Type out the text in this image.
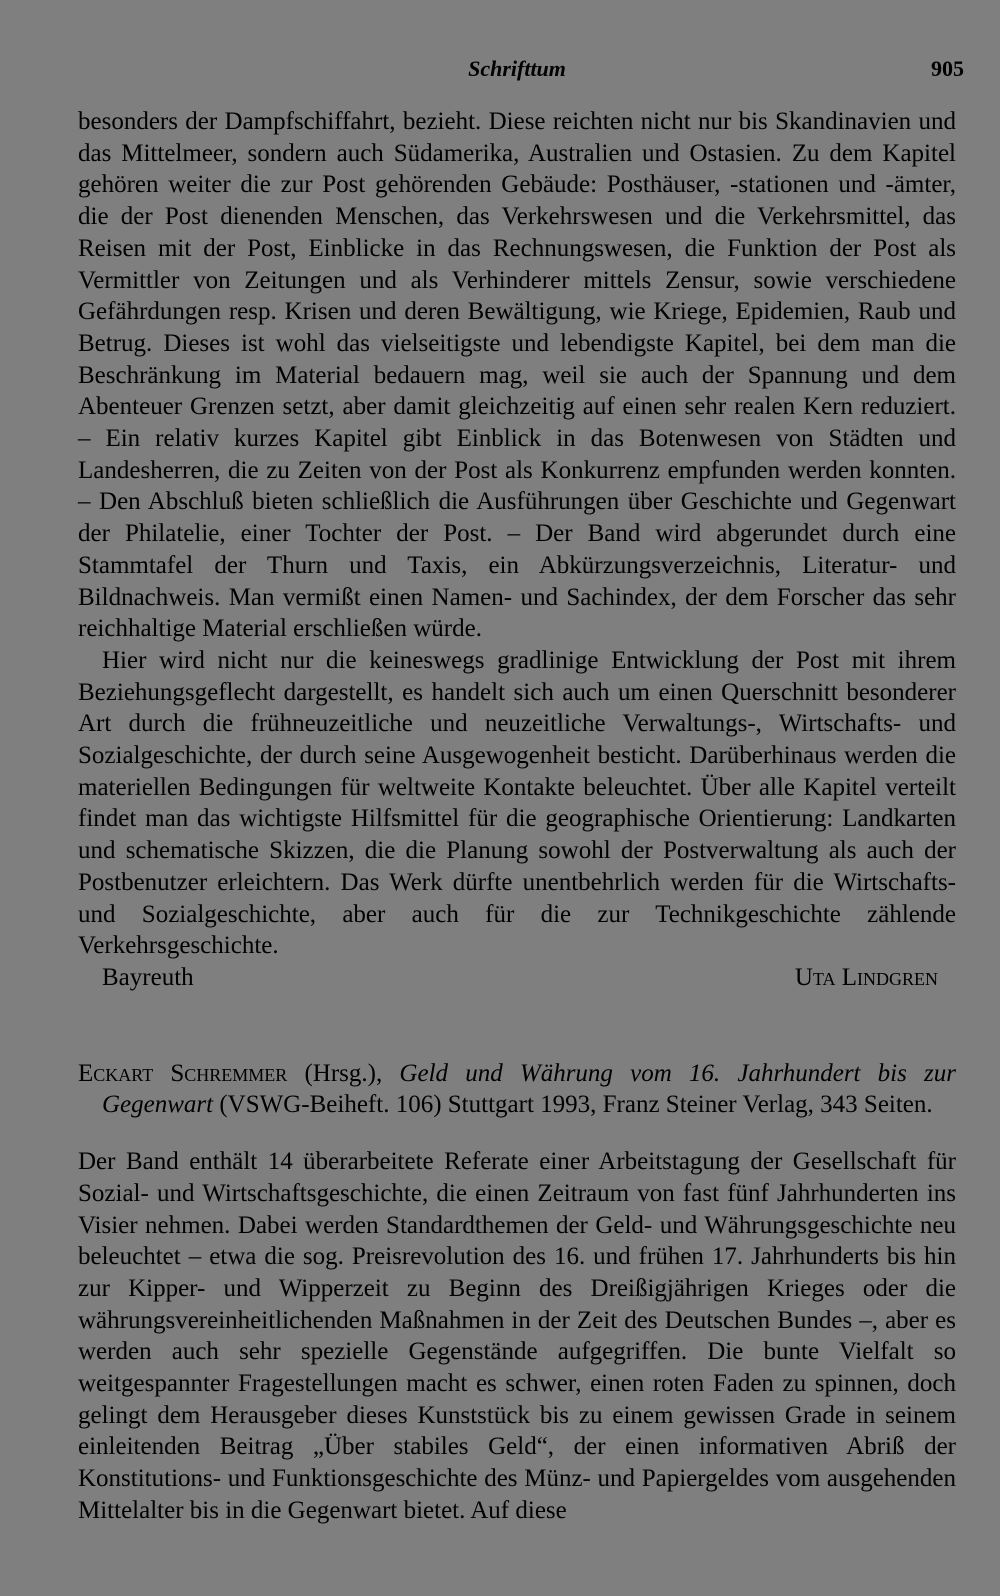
Schrifttum	905

besonders der Dampfschiffahrt, bezieht. Diese reichten nicht nur bis Skandinavien und das Mittelmeer, sondern auch Südamerika, Australien und Ostasien. Zu dem Kapitel gehören weiter die zur Post gehörenden Gebäude: Posthäuser, -stationen und -ämter, die der Post dienenden Menschen, das Verkehrswesen und die Verkehrsmittel, das Reisen mit der Post, Einblicke in das Rechnungswesen, die Funktion der Post als Vermittler von Zeitungen und als Verhinderer mittels Zensur, sowie verschiedene Gefährdungen resp. Krisen und deren Bewältigung, wie Kriege, Epidemien, Raub und Betrug. Dieses ist wohl das vielseitigste und lebendigste Kapitel, bei dem man die Beschränkung im Material bedauern mag, weil sie auch der Spannung und dem Abenteuer Grenzen setzt, aber damit gleichzeitig auf einen sehr realen Kern reduziert. – Ein relativ kurzes Kapitel gibt Einblick in das Botenwesen von Städten und Landesherren, die zu Zeiten von der Post als Konkurrenz empfunden werden konnten. – Den Abschluß bieten schließlich die Ausführungen über Geschichte und Gegenwart der Philatelie, einer Tochter der Post. – Der Band wird abgerundet durch eine Stammtafel der Thurn und Taxis, ein Abkürzungsverzeichnis, Literatur- und Bildnachweis. Man vermißt einen Namen- und Sachindex, der dem Forscher das sehr reichhaltige Material erschließen würde.

Hier wird nicht nur die keineswegs gradlinige Entwicklung der Post mit ihrem Beziehungsgeflecht dargestellt, es handelt sich auch um einen Querschnitt besonderer Art durch die frühneuzeitliche und neuzeitliche Verwaltungs-, Wirtschafts- und Sozialgeschichte, der durch seine Ausgewogenheit besticht. Darüberhinaus werden die materiellen Bedingungen für weltweite Kontakte beleuchtet. Über alle Kapitel verteilt findet man das wichtigste Hilfsmittel für die geographische Orientierung: Landkarten und schematische Skizzen, die die Planung sowohl der Postverwaltung als auch der Postbenutzer erleichtern. Das Werk dürfte unentbehrlich werden für die Wirtschafts- und Sozialgeschichte, aber auch für die zur Technikgeschichte zählende Verkehrsgeschichte.

Bayreuth	Uta Lindgren

Eckart Schremmer (Hrsg.), Geld und Währung vom 16. Jahrhundert bis zur Gegenwart (VSWG-Beiheft. 106) Stuttgart 1993, Franz Steiner Verlag, 343 Seiten.

Der Band enthält 14 überarbeitete Referate einer Arbeitstagung der Gesellschaft für Sozial- und Wirtschaftsgeschichte, die einen Zeitraum von fast fünf Jahrhunderten ins Visier nehmen. Dabei werden Standardthemen der Geld- und Währungsgeschichte neu beleuchtet – etwa die sog. Preisrevolution des 16. und frühen 17. Jahrhunderts bis hin zur Kipper- und Wipperzeit zu Beginn des Dreißigjährigen Krieges oder die währungsvereinheitlichenden Maßnahmen in der Zeit des Deutschen Bundes –, aber es werden auch sehr spezielle Gegenstände aufgegriffen. Die bunte Vielfalt so weitgespannter Fragestellungen macht es schwer, einen roten Faden zu spinnen, doch gelingt dem Herausgeber dieses Kunststück bis zu einem gewissen Grade in seinem einleitenden Beitrag „Über stabiles Geld“, der einen informativen Abriß der Konstitutions- und Funktionsgeschichte des Münz- und Papiergeldes vom ausgehenden Mittelalter bis in die Gegenwart bietet. Auf diese
